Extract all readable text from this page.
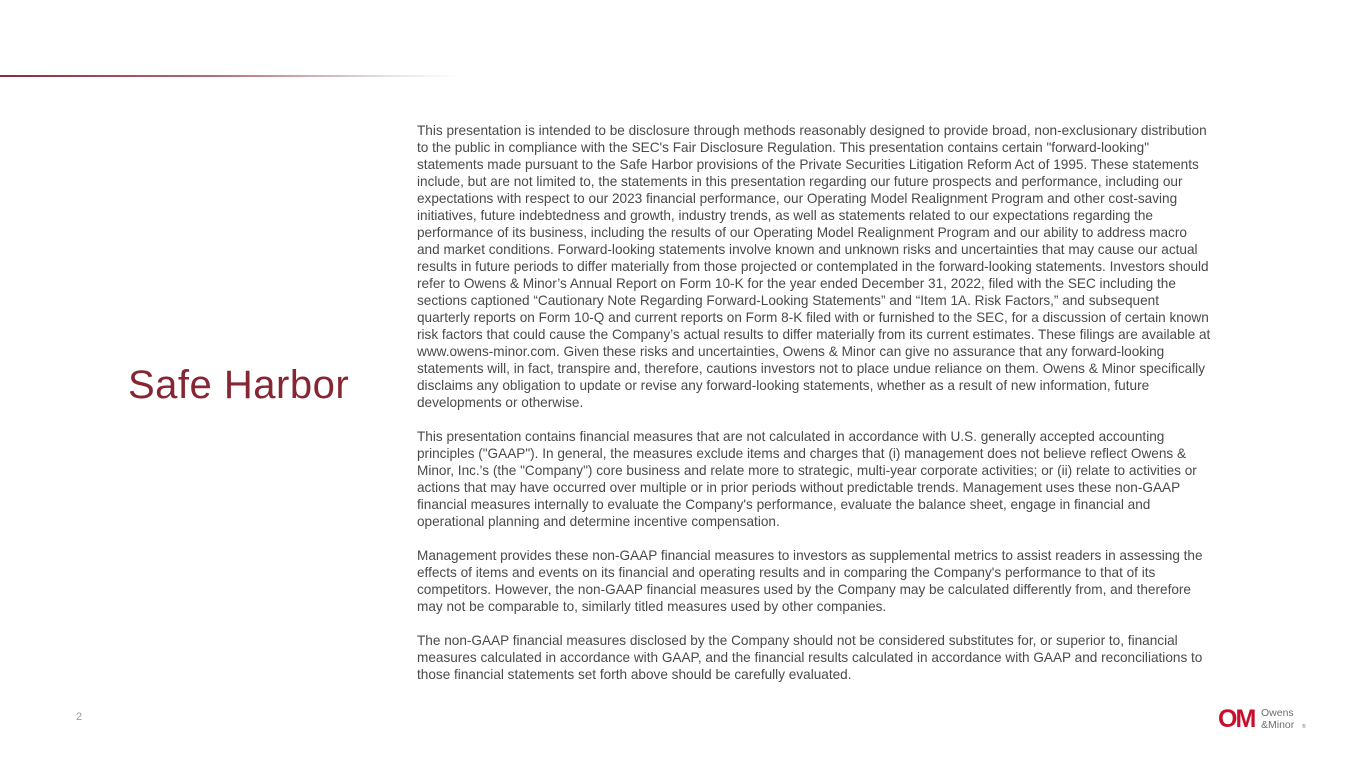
Safe Harbor

This presentation is intended to be disclosure through methods reasonably designed to provide broad, non-exclusionary distribution to the public in compliance with the SEC's Fair Disclosure Regulation. This presentation contains certain "forward-looking" statements made pursuant to the Safe Harbor provisions of the Private Securities Litigation Reform Act of 1995. These statements include, but are not limited to, the statements in this presentation regarding our future prospects and performance, including our expectations with respect to our 2023 financial performance, our Operating Model Realignment Program and other cost-saving initiatives, future indebtedness and growth, industry trends, as well as statements related to our expectations regarding the performance of its business, including the results of our Operating Model Realignment Program and our ability to address macro and market conditions. Forward-looking statements involve known and unknown risks and uncertainties that may cause our actual results in future periods to differ materially from those projected or contemplated in the forward-looking statements. Investors should refer to Owens & Minor’s Annual Report on Form 10-K for the year ended December 31, 2022, filed with the SEC including the sections captioned “Cautionary Note Regarding Forward-Looking Statements” and “Item 1A. Risk Factors,” and subsequent quarterly reports on Form 10-Q and current reports on Form 8-K filed with or furnished to the SEC, for a discussion of certain known risk factors that could cause the Company’s actual results to differ materially from its current estimates. These filings are available at www.owens-minor.com. Given these risks and uncertainties, Owens & Minor can give no assurance that any forward-looking statements will, in fact, transpire and, therefore, cautions investors not to place undue reliance on them. Owens & Minor specifically disclaims any obligation to update or revise any forward-looking statements, whether as a result of new information, future developments or otherwise.

This presentation contains financial measures that are not calculated in accordance with U.S. generally accepted accounting principles ("GAAP"). In general, the measures exclude items and charges that (i) management does not believe reflect Owens & Minor, Inc.'s (the "Company") core business and relate more to strategic, multi-year corporate activities; or (ii) relate to activities or actions that may have occurred over multiple or in prior periods without predictable trends. Management uses these non-GAAP financial measures internally to evaluate the Company's performance, evaluate the balance sheet, engage in financial and operational planning and determine incentive compensation.

Management provides these non-GAAP financial measures to investors as supplemental metrics to assist readers in assessing the effects of items and events on its financial and operating results and in comparing the Company's performance to that of its competitors. However, the non-GAAP financial measures used by the Company may be calculated differently from, and therefore may not be comparable to, similarly titled measures used by other companies.

The non-GAAP financial measures disclosed by the Company should not be considered substitutes for, or superior to, financial measures calculated in accordance with GAAP, and the financial results calculated in accordance with GAAP and reconciliations to those financial statements set forth above should be carefully evaluated.

2	OM Owens
&Minor ®
